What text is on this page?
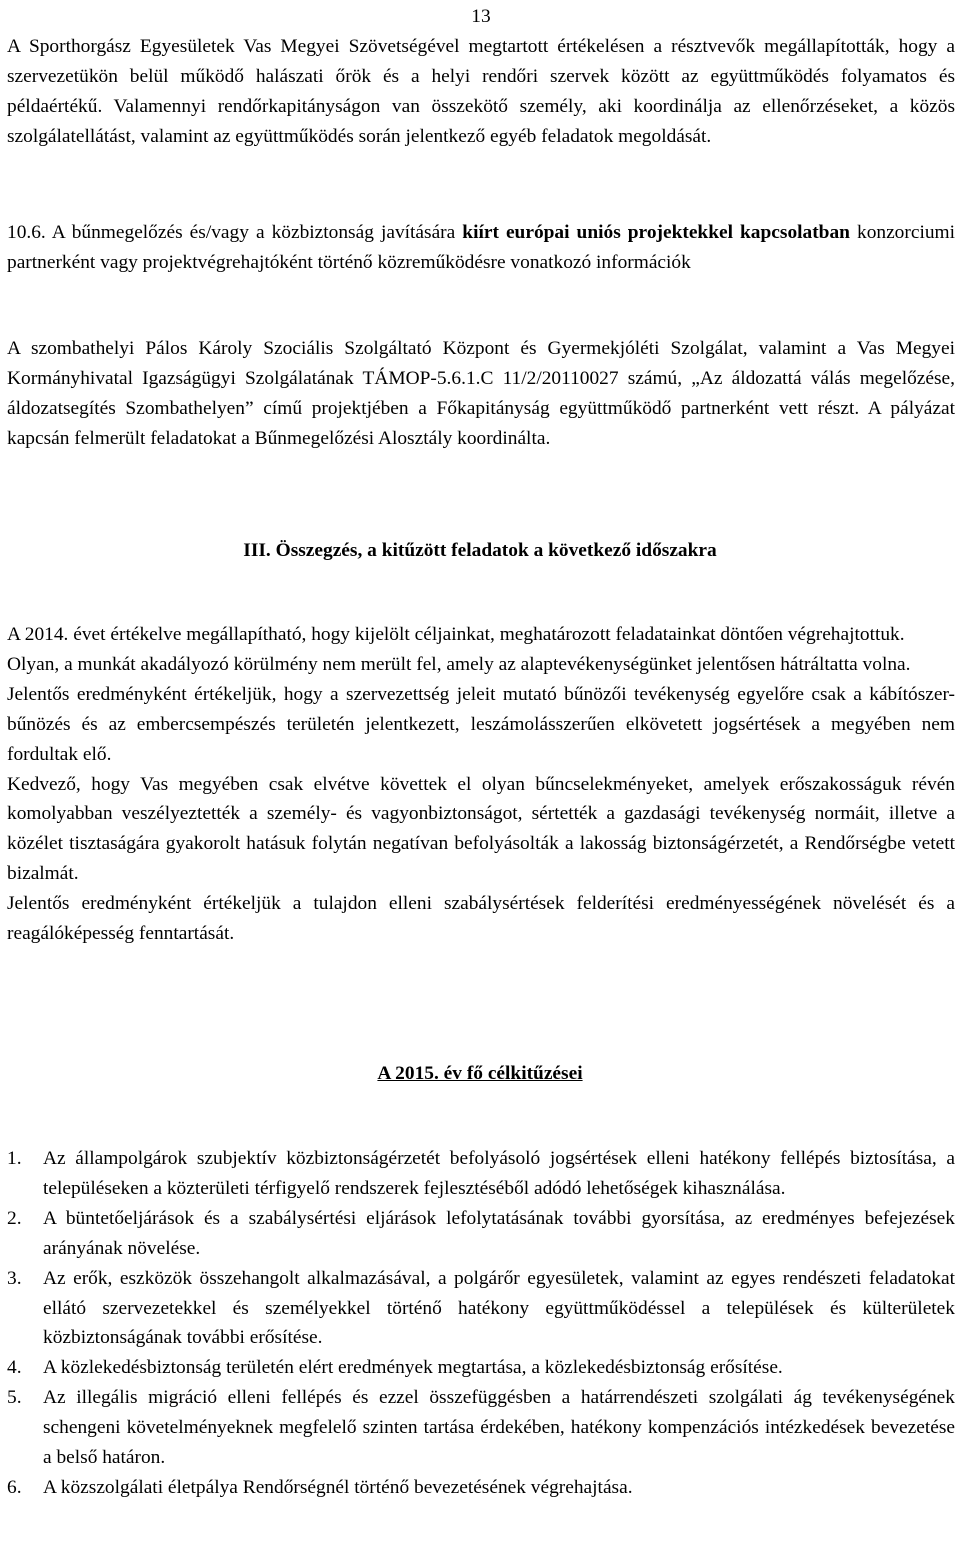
13

A Sporthorgász Egyesületek Vas Megyei Szövetségével megtartott értékelésen a résztvevők megállapították, hogy a szervezetükön belül működő halászati őrök és a helyi rendőri szervek között az együttműködés folyamatos és példaértékű. Valamennyi rendőrkapitányságon van összekötő személy, aki koordinálja az ellenőrzéseket, a közös szolgálatellátást, valamint az együttműködés során jelentkező egyéb feladatok megoldását.

10.6. A bűnmegelőzés és/vagy a közbiztonság javítására kiírt európai uniós projektekkel kapcsolatban konzorciumi partnerként vagy projektvégrehajtóként történő közreműködésre vonatkozó információk

A szombathelyi Pálos Károly Szociális Szolgáltató Központ és Gyermekjóléti Szolgálat, valamint a Vas Megyei Kormányhivatal Igazságügyi Szolgálatának TÁMOP-5.6.1.C 11/2/20110027 számú, „Az áldozattá válás megelőzése, áldozatsegítés Szombathelyen” című projektjében a Főkapitányság együttműködő partnerként vett részt. A pályázat kapcsán felmerült feladatokat a Bűnmegelőzési Alosztály koordinálta.

III. Összegzés, a kitűzött feladatok a következő időszakra

A 2014. évet értékelve megállapítható, hogy kijelölt céljainkat, meghatározott feladatainkat döntően végrehajtottuk.

Olyan, a munkát akadályozó körülmény nem merült fel, amely az alaptevékenységünket jelentősen hátráltatta volna.

Jelentős eredményként értékeljük, hogy a szervezettség jeleit mutató bűnözői tevékenység egyelőre csak a kábítószer-bűnözés és az embercsempészés területén jelentkezett, leszámolásszerűen elkövetett jogsértések a megyében nem fordultak elő.

Kedvező, hogy Vas megyében csak elvétve követtek el olyan bűncselekményeket, amelyek erőszakosságuk révén komolyabban veszélyeztették a személy- és vagyonbiztonságot, sértették a gazdasági tevékenység normáit, illetve a közélet tisztaságára gyakorolt hatásuk folytán negatívan befolyásolták a lakosság biztonságérzetét, a Rendőrségbe vetett bizalmát.

Jelentős eredményként értékeljük a tulajdon elleni szabálysértések felderítési eredményességének növelését és a reagálóképesség fenntartását.

A 2015. év fő célkitűzései
1.	Az állampolgárok szubjektív közbiztonságérzetét befolyásoló jogsértések elleni hatékony fellépés biztosítása, a településeken a közterületi térfigyelő rendszerek fejlesztéséből adódó lehetőségek kihasználása.
2.	A büntetőeljárások és a szabálysértési eljárások lefolytatásának további gyorsítása, az eredményes befejezések arányának növelése.
3.	Az erők, eszközök összehangolt alkalmazásával, a polgárőr egyesületek, valamint az egyes rendészeti feladatokat ellátó szervezetekkel és személyekkel történő hatékony együttműködéssel a települések és külterületek közbiztonságának további erősítése.
4.	A közlekedésbiztonság területén elért eredmények megtartása, a közlekedésbiztonság erősítése.
5.	Az illegális migráció elleni fellépés és ezzel összefüggésben a határrendészeti szolgálati ág tevékenységének schengeni követelményeknek megfelelő szinten tartása érdekében, hatékony kompenzációs intézkedések bevezetése a belső határon.
6.	A közszolgálati életpálya Rendőrségnél történő bevezetésének végrehajtása.
